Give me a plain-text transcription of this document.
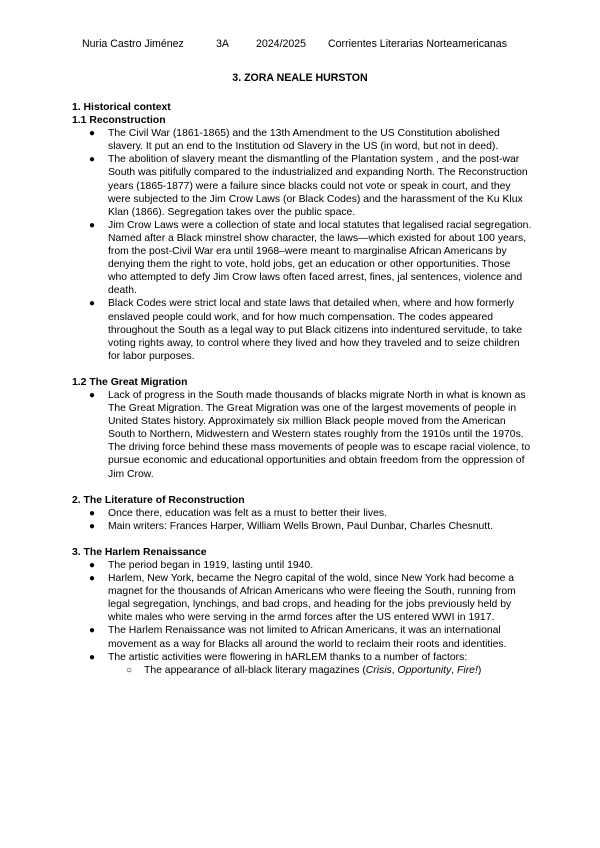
Nuria Castro Jiménez	3A	2024/2025 Corrientes Literarias Norteamericanas
3. ZORA NEALE HURSTON

1. Historical context

1.1 Reconstruction

● The Civil War (1861-1865) and the 13th Amendment to the US Constitution abolished slavery. It put an end to the Institution od Slavery in the US (in word, but not in deed).
● The abolition of slavery meant the dismantling of the Plantation system , and the post-war South was pitifully compared to the industrialized and expanding North. The Reconstruction years (1865-1877) were a failure since blacks could not vote or speak in court, and they were subjected to the Jim Crow Laws (or Black Codes) and the harassment of the Ku Klux Klan (1866). Segregation takes over the public space.
● Jim Crow Laws were a collection of state and local statutes that legalised racial segregation. Named after a Black minstrel show character, the laws—which existed for about 100 years, from the post-Civil War era until 1968–were meant to marginalise African Americans by denying them the right to vote, hold jobs, get an education or other opportunities. Those who attempted to defy Jim Crow laws often faced arrest, fines, jal sentences, violence and death.
● Black Codes were strict local and state laws that detailed when, where and how formerly enslaved people could work, and for how much compensation. The codes appeared throughout the South as a legal way to put Black citizens into indentured servitude, to take voting rights away, to control where they lived and how they traveled and to seize children for labor purposes.

1.2 The Great Migration

● Lack of progress in the South made thousands of blacks migrate North in what is known as The Great Migration. The Great Migration was one of the largest movements of people in United States history. Approximately six million Black people moved from the American South to Northern, Midwestern and Western states roughly from the 1910s until the 1970s. The driving force behind these mass movements of people was to escape racial violence, to pursue economic and educational opportunities and obtain freedom from the oppression of Jim Crow.

2. The Literature of Reconstruction

● Once there, education was felt as a must to better their lives.
● Main writers: Frances Harper, William Wells Brown, Paul Dunbar, Charles Chesnutt.

3. The Harlem Renaissance

● The period began in 1919, lasting until 1940.
● Harlem, New York, became the Negro capital of the wold, since New York had become a magnet for the thousands of African Americans who were fleeing the South, running from legal segregation, lynchings, and bad crops, and heading for the jobs previously held by white males who were serving in the armd forces after the US entered WWI in 1917.
● The Harlem Renaissance was not limited to African Americans, it was an international movement as a way for Blacks all around the world to reclaim their roots and identities.
● The artistic activities were flowering in hARLEM thanks to a number of factors:
○ The appearance of all-black literary magazines (Crisis, Opportunity, Fire!)
